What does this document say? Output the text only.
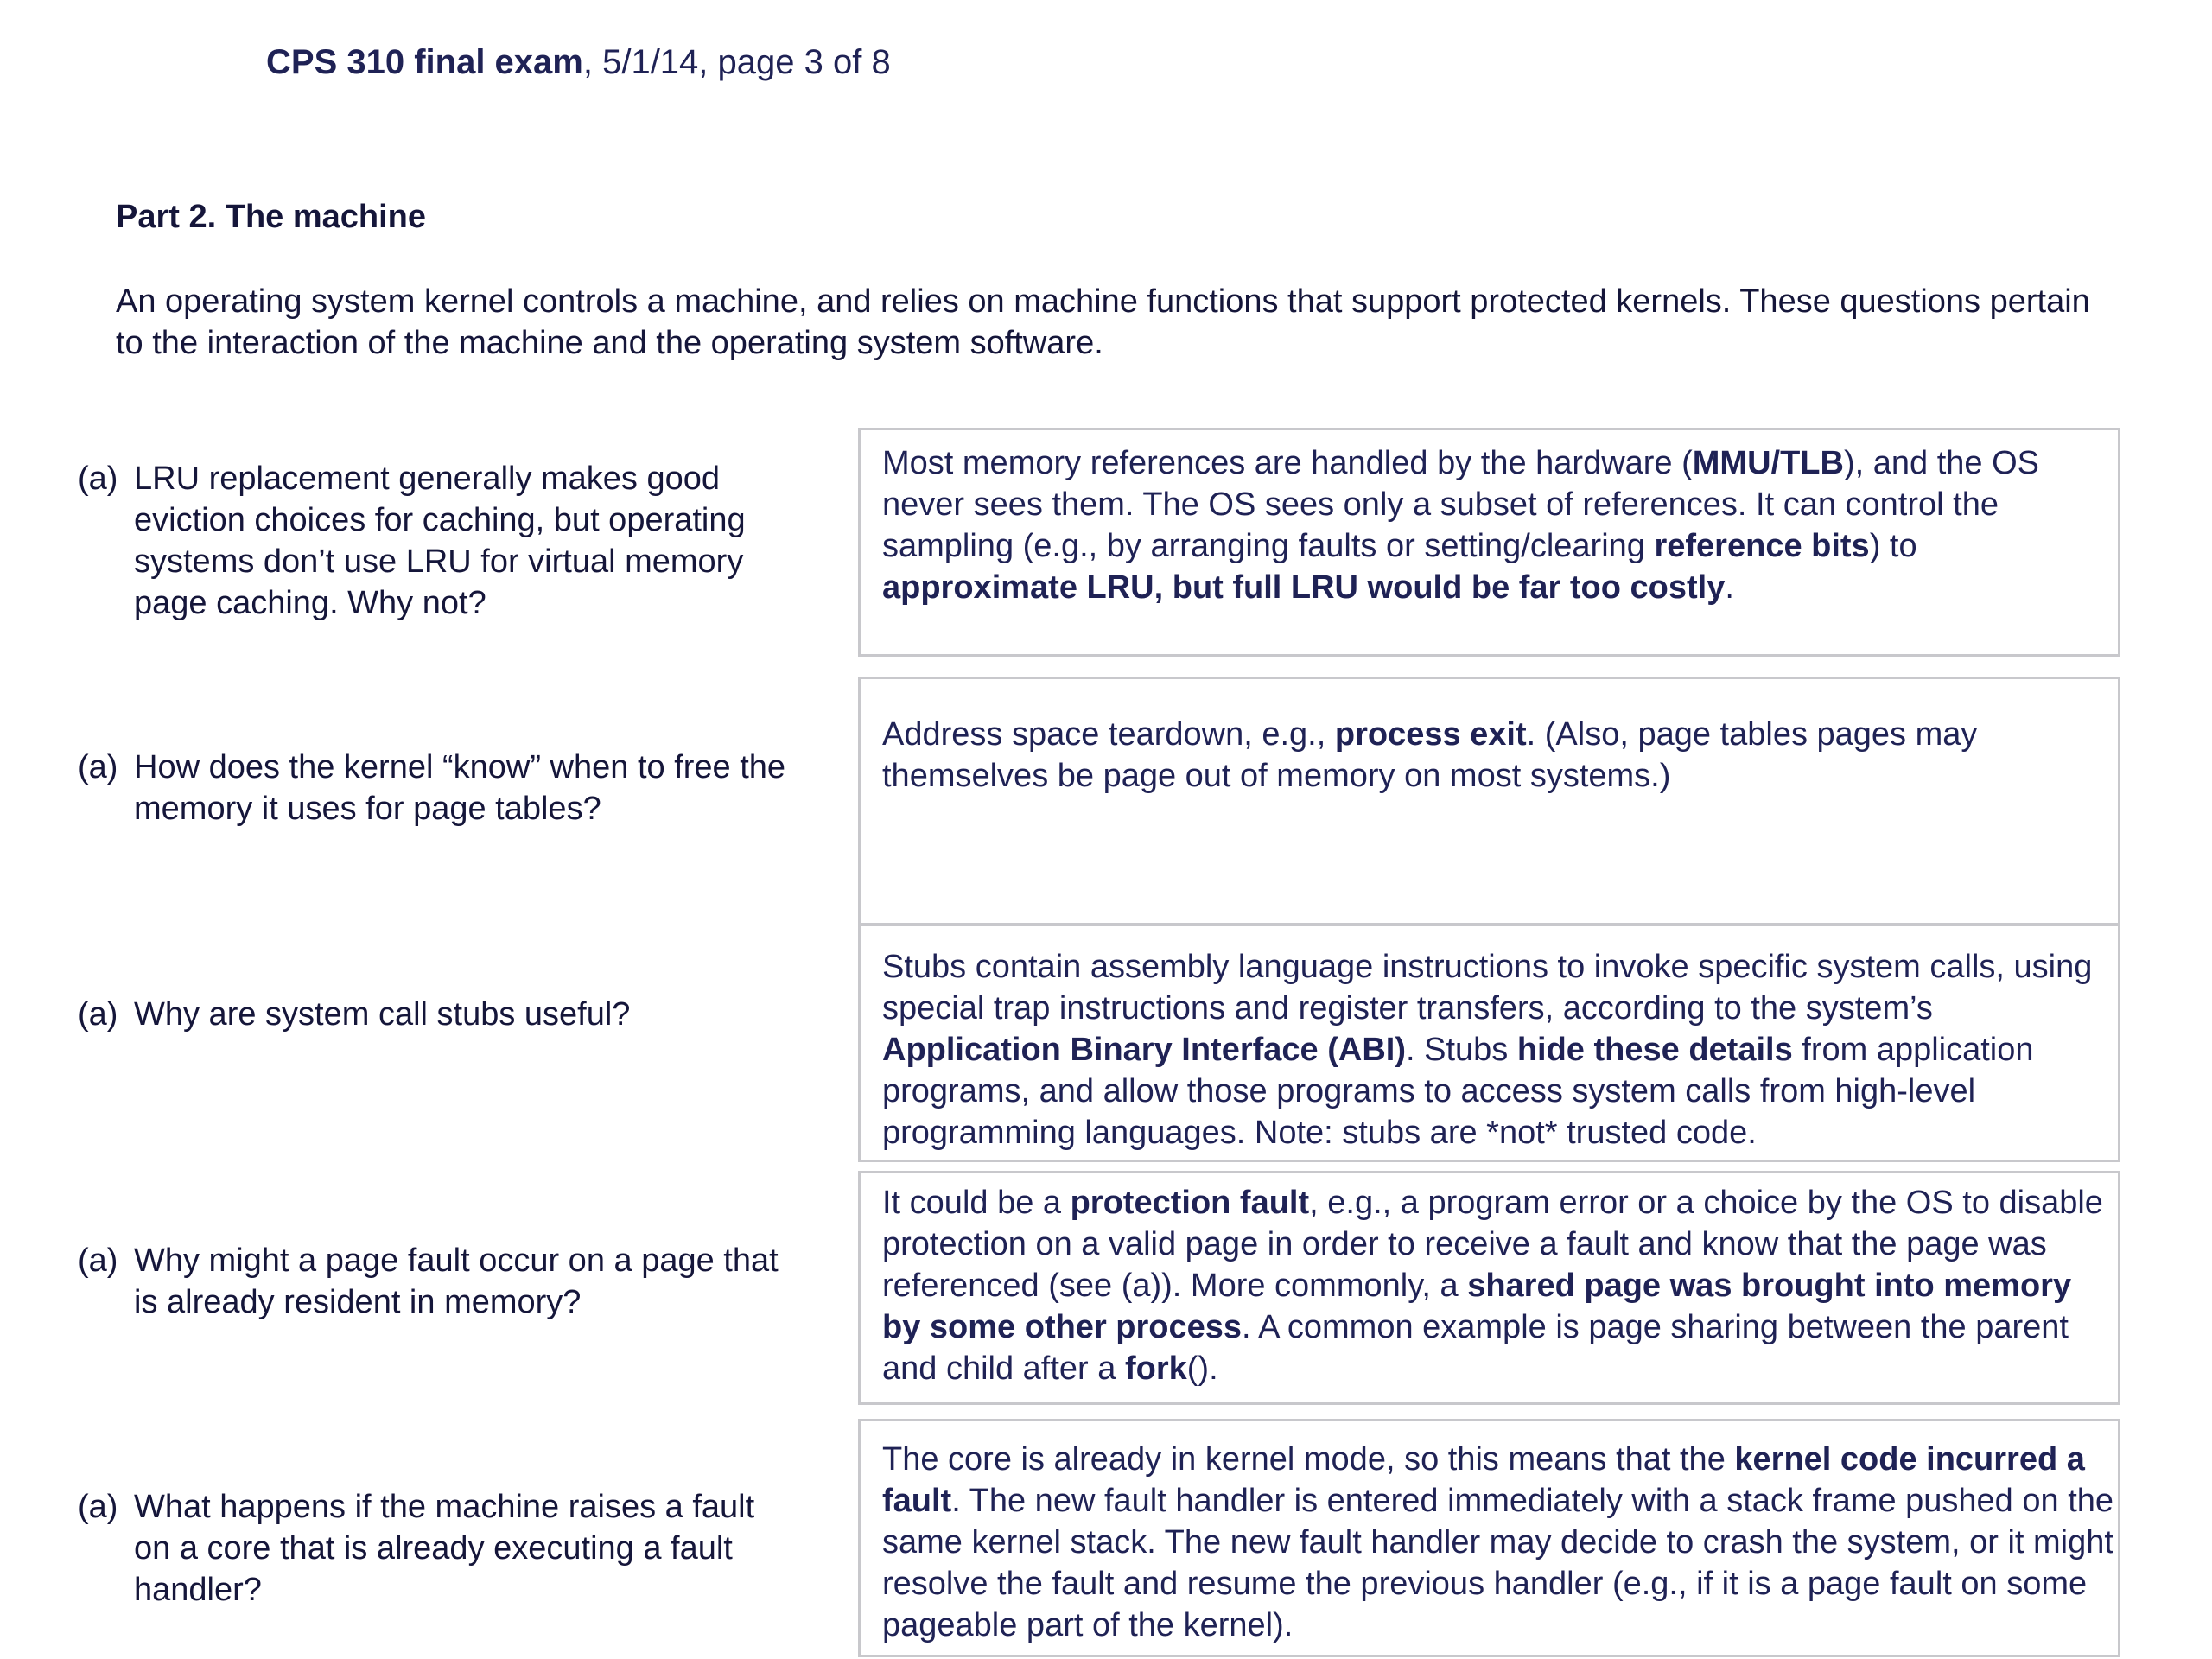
CPS 310 final exam, 5/1/14, page 3 of 8
Part 2. The machine
An operating system kernel controls a machine, and relies on machine functions that support protected kernels. These questions pertain to the interaction of the machine and the operating system software.
(a) LRU replacement generally makes good eviction choices for caching, but operating systems don’t use LRU for virtual memory page caching. Why not?
Most memory references are handled by the hardware (MMU/TLB), and the OS never sees them. The OS sees only a subset of references. It can control the sampling (e.g., by arranging faults or setting/clearing reference bits) to approximate LRU, but full LRU would be far too costly.
(a) How does the kernel “know” when to free the memory it uses for page tables?
Address space teardown, e.g., process exit. (Also, page tables pages may themselves be page out of memory on most systems.)
(a) Why are system call stubs useful?
Stubs contain assembly language instructions to invoke specific system calls, using special trap instructions and register transfers, according to the system’s Application Binary Interface (ABI). Stubs hide these details from application programs, and allow those programs to access system calls from high-level programming languages. Note: stubs are *not* trusted code.
(a) Why might a page fault occur on a page that is already resident in memory?
It could be a protection fault, e.g., a program error or a choice by the OS to disable protection on a valid page in order to receive a fault and know that the page was referenced (see (a)). More commonly, a shared page was brought into memory by some other process. A common example is page sharing between the parent and child after a fork().
(a) What happens if the machine raises a fault on a core that is already executing a fault handler?
The core is already in kernel mode, so this means that the kernel code incurred a fault. The new fault handler is entered immediately with a stack frame pushed on the same kernel stack. The new fault handler may decide to crash the system, or it might resolve the fault and resume the previous handler (e.g., if it is a page fault on some pageable part of the kernel).
